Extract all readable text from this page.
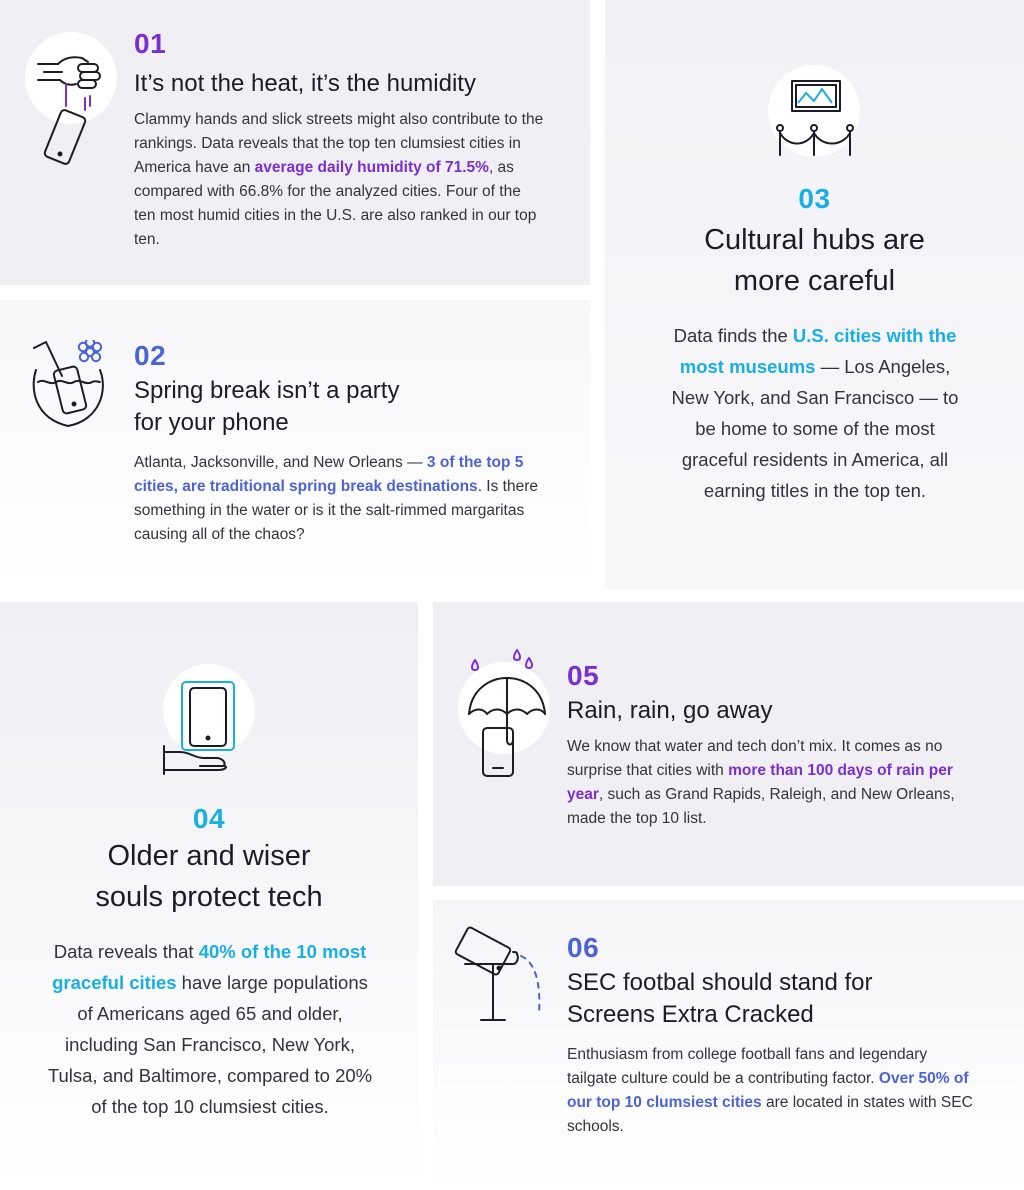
01
It’s not the heat, it’s the humidity
Clammy hands and slick streets might also contribute to the rankings. Data reveals that the top ten clumsiest cities in America have an average daily humidity of 71.5%, as compared with 66.8% for the analyzed cities. Four of the ten most humid cities in the U.S. are also ranked in our top ten.
02
Spring break isn’t a party
for your phone
Atlanta, Jacksonville, and New Orleans — 3 of the top 5 cities, are traditional spring break destinations. Is there something in the water or is it the salt-rimmed margaritas causing all of the chaos?
03
Cultural hubs are
more careful
Data finds the U.S. cities with the most museums — Los Angeles, New York, and San Francisco — to be home to some of the most graceful residents in America, all earning titles in the top ten.
04
Older and wiser
souls protect tech
Data reveals that 40% of the 10 most graceful cities have large populations of Americans aged 65 and older, including San Francisco, New York, Tulsa, and Baltimore, compared to 20% of the top 10 clumsiest cities.
05
Rain, rain, go away
We know that water and tech don’t mix. It comes as no surprise that cities with more than 100 days of rain per year, such as Grand Rapids, Raleigh, and New Orleans, made the top 10 list.
06
SEC footbal should stand for
Screens Extra Cracked
Enthusiasm from college football fans and legendary tailgate culture could be a contributing factor. Over 50% of our top 10 clumsiest cities are located in states with SEC schools.
